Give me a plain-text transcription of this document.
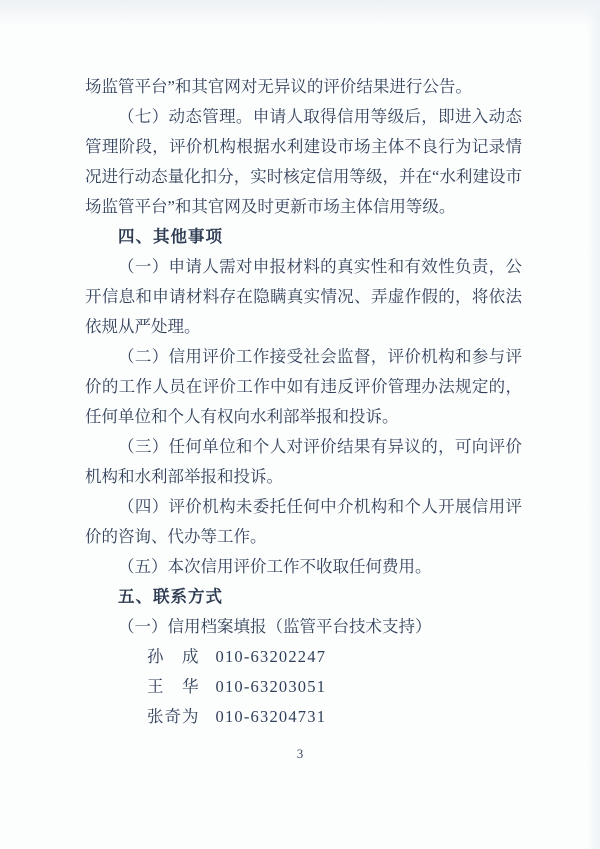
场监管平台”和其官网对无异议的评价结果进行公告。

（七）动态管理。申请人取得信用等级后，即进入动态管理阶段，评价机构根据水利建设市场主体不良行为记录情况进行动态量化扣分，实时核定信用等级，并在“水利建设市场监管平台”和其官网及时更新市场主体信用等级。

四、其他事项

（一）申请人需对申报材料的真实性和有效性负责，公开信息和申请材料存在隐瞒真实情况、弄虚作假的，将依法依规从严处理。

（二）信用评价工作接受社会监督，评价机构和参与评价的工作人员在评价工作中如有违反评价管理办法规定的，任何单位和个人有权向水利部举报和投诉。

（三）任何单位和个人对评价结果有异议的，可向评价机构和水利部举报和投诉。

（四）评价机构未委托任何中介机构和个人开展信用评价的咨询、代办等工作。

（五）本次信用评价工作不收取任何费用。

五、联系方式

（一）信用档案填报（监管平台技术支持）

孙　成 010-63202247

王　华 010-63203051

张奇为 010-63204731

3
